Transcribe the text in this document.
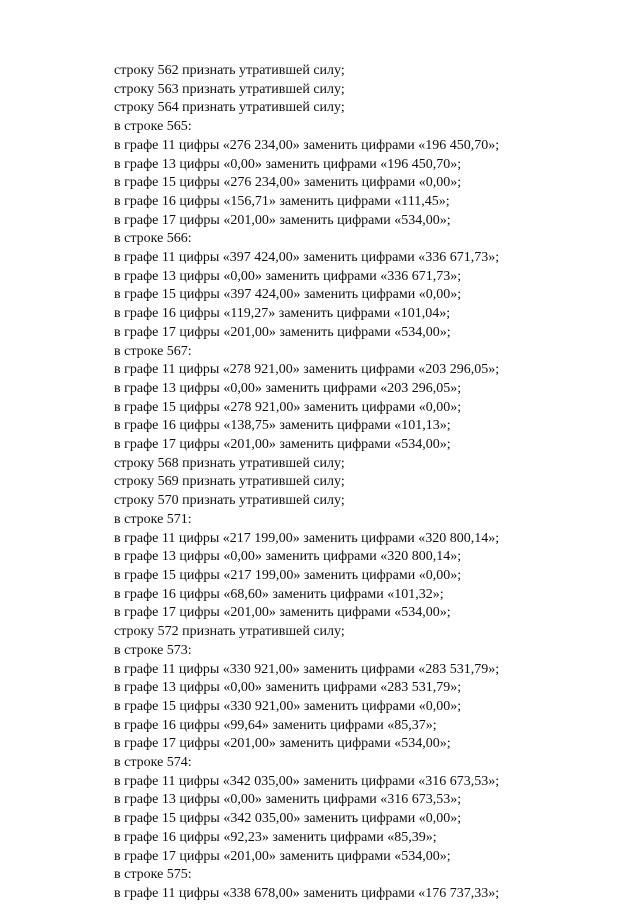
строку 562 признать утратившей силу;
строку 563 признать утратившей силу;
строку 564 признать утратившей силу;
в строке 565:
в графе 11 цифры «276 234,00» заменить цифрами «196 450,70»;
в графе 13 цифры «0,00» заменить цифрами «196 450,70»;
в графе 15 цифры «276 234,00» заменить цифрами «0,00»;
в графе 16 цифры «156,71» заменить цифрами «111,45»;
в графе 17 цифры «201,00» заменить цифрами «534,00»;
в строке 566:
в графе 11 цифры «397 424,00» заменить цифрами «336 671,73»;
в графе 13 цифры «0,00» заменить цифрами «336 671,73»;
в графе 15 цифры «397 424,00» заменить цифрами «0,00»;
в графе 16 цифры «119,27» заменить цифрами «101,04»;
в графе 17 цифры «201,00» заменить цифрами «534,00»;
в строке 567:
в графе 11 цифры «278 921,00» заменить цифрами «203 296,05»;
в графе 13 цифры «0,00» заменить цифрами «203 296,05»;
в графе 15 цифры «278 921,00» заменить цифрами «0,00»;
в графе 16 цифры «138,75» заменить цифрами «101,13»;
в графе 17 цифры «201,00» заменить цифрами «534,00»;
строку 568 признать утратившей силу;
строку 569 признать утратившей силу;
строку 570 признать утратившей силу;
в строке 571:
в графе 11 цифры «217 199,00» заменить цифрами «320 800,14»;
в графе 13 цифры «0,00» заменить цифрами «320 800,14»;
в графе 15 цифры «217 199,00» заменить цифрами «0,00»;
в графе 16 цифры «68,60» заменить цифрами «101,32»;
в графе 17 цифры «201,00» заменить цифрами «534,00»;
строку 572 признать утратившей силу;
в строке 573:
в графе 11 цифры «330 921,00» заменить цифрами «283 531,79»;
в графе 13 цифры «0,00» заменить цифрами «283 531,79»;
в графе 15 цифры «330 921,00» заменить цифрами «0,00»;
в графе 16 цифры «99,64» заменить цифрами «85,37»;
в графе 17 цифры «201,00» заменить цифрами «534,00»;
в строке 574:
в графе 11 цифры «342 035,00» заменить цифрами «316 673,53»;
в графе 13 цифры «0,00» заменить цифрами «316 673,53»;
в графе 15 цифры «342 035,00» заменить цифрами «0,00»;
в графе 16 цифры «92,23» заменить цифрами «85,39»;
в графе 17 цифры «201,00» заменить цифрами «534,00»;
в строке 575:
в графе 11 цифры «338 678,00» заменить цифрами «176 737,33»;
